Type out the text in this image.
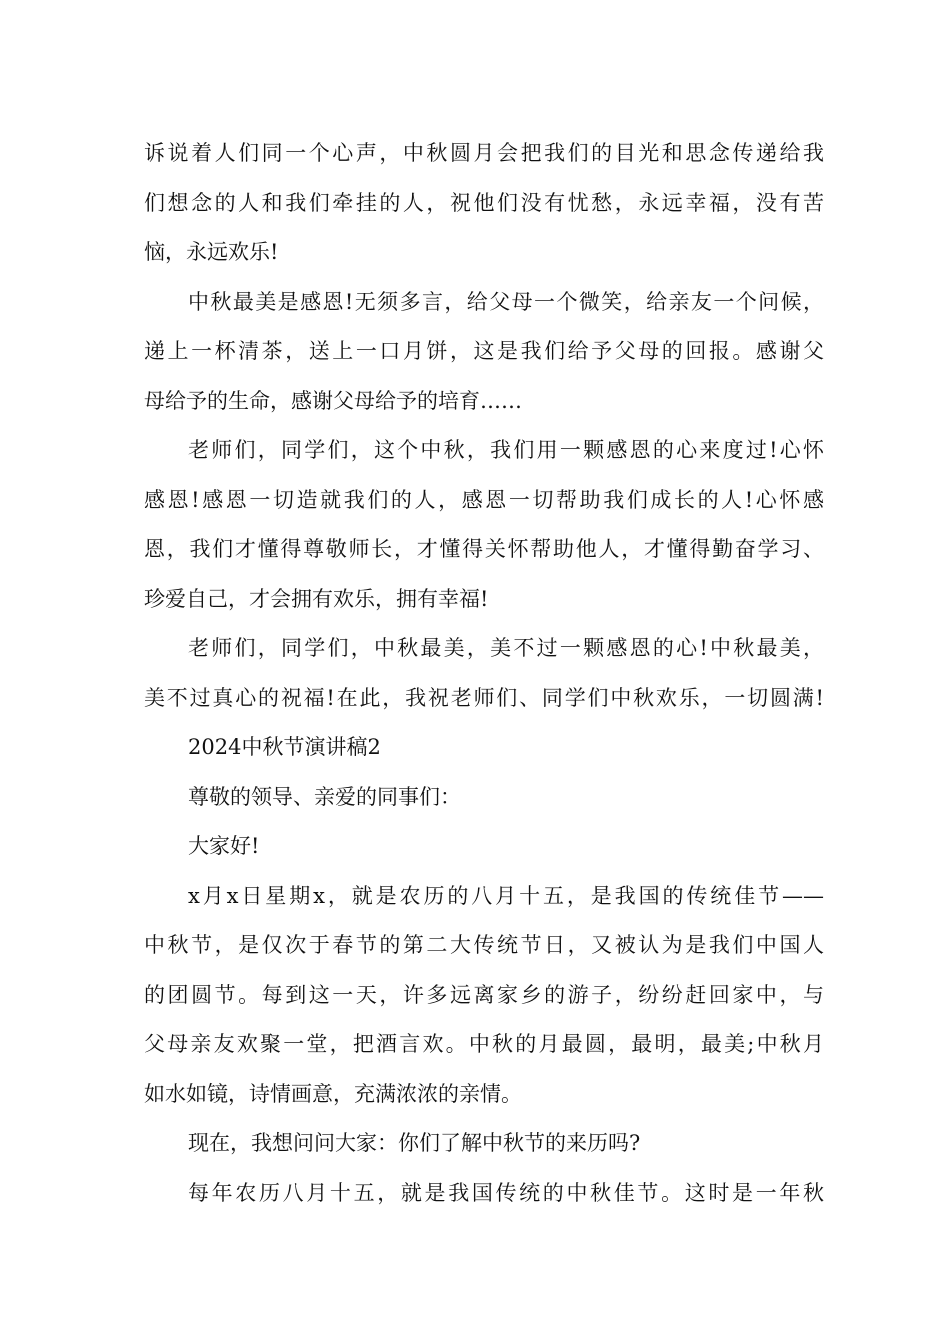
诉说着人们同一个心声，中秋圆月会把我们的目光和思念传递给我
们想念的人和我们牵挂的人，祝他们没有忧愁，永远幸福，没有苦
恼，永远欢乐!
中秋最美是感恩!无须多言，给父母一个微笑，给亲友一个问候，
递上一杯清茶，送上一口月饼，这是我们给予父母的回报。感谢父
母给予的生命，感谢父母给予的培育……
老师们，同学们，这个中秋，我们用一颗感恩的心来度过!心怀
感恩!感恩一切造就我们的人，感恩一切帮助我们成长的人!心怀感
恩，我们才懂得尊敬师长，才懂得关怀帮助他人，才懂得勤奋学习、
珍爱自己，才会拥有欢乐，拥有幸福!
老师们，同学们，中秋最美，美不过一颗感恩的心!中秋最美，
美不过真心的祝福!在此，我祝老师们、同学们中秋欢乐，一切圆满!
2024中秋节演讲稿2
尊敬的领导、亲爱的同事们：
大家好!
x月x日星期x，就是农历的八月十五，是我国的传统佳节——
中秋节，是仅次于春节的第二大传统节日，又被认为是我们中国人
的团圆节。每到这一天，许多远离家乡的游子，纷纷赶回家中，与
父母亲友欢聚一堂，把酒言欢。中秋的月最圆，最明，最美;中秋月
如水如镜，诗情画意，充满浓浓的亲情。
现在，我想问问大家：你们了解中秋节的来历吗?
每年农历八月十五，就是我国传统的中秋佳节。这时是一年秋
